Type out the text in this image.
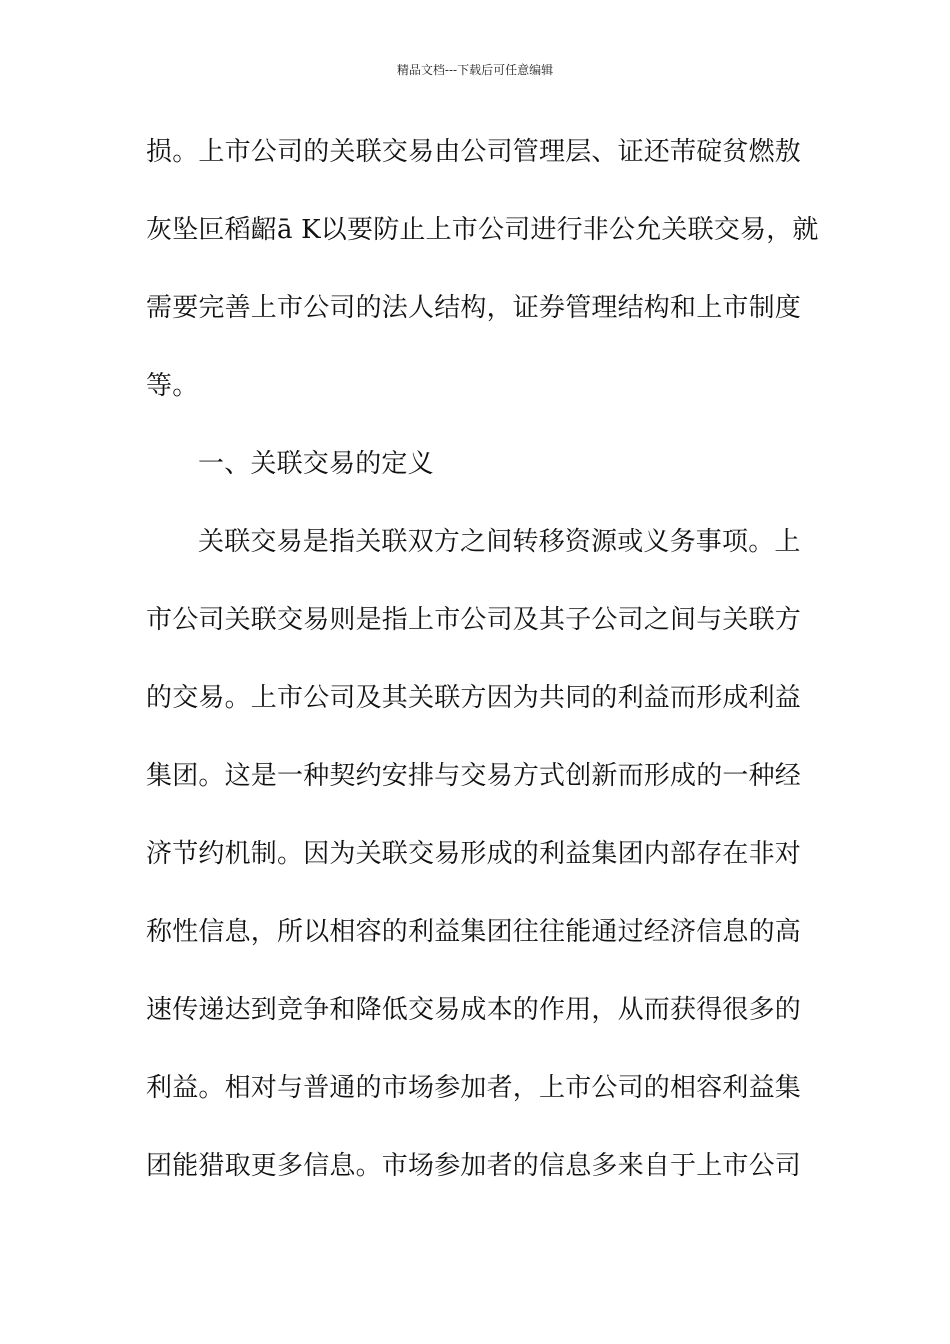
精品文档---下载后可任意编辑
损。上市公司的关联交易由公司管理层、证还芾碇贫燃敖
灰坠叵稻齠ā K以要防止上市公司进行非公允关联交易，就
需要完善上市公司的法人结构，证券管理结构和上市制度
等。
一、关联交易的定义
关联交易是指关联双方之间转移资源或义务事项。上
市公司关联交易则是指上市公司及其子公司之间与关联方
的交易。上市公司及其关联方因为共同的利益而形成利益
集团。这是一种契约安排与交易方式创新而形成的一种经
济节约机制。因为关联交易形成的利益集团内部存在非对
称性信息，所以相容的利益集团往往能通过经济信息的高
速传递达到竞争和降低交易成本的作用，从而获得很多的
利益。相对与普通的市场参加者，上市公司的相容利益集
团能猎取更多信息。市场参加者的信息多来自于上市公司
